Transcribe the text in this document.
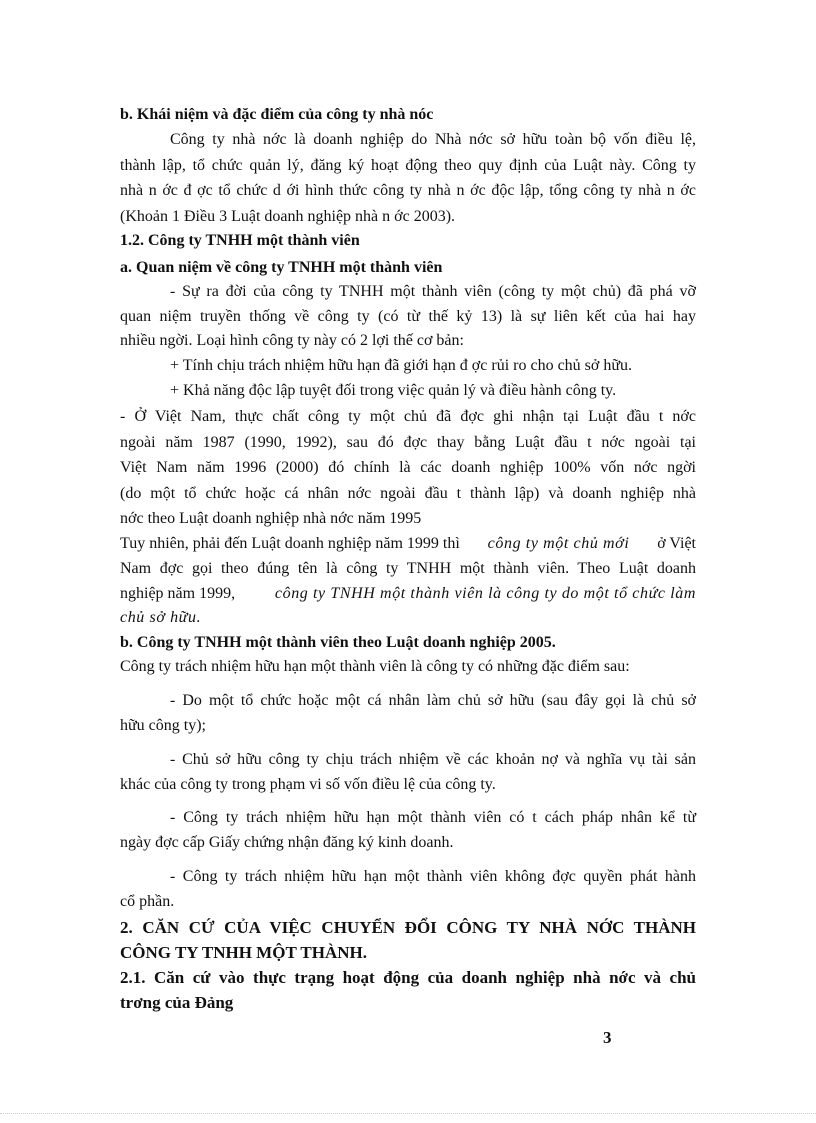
b. Khái niệm và đặc điểm của công ty nhà nóc
Công ty nhà nớc là doanh nghiệp do Nhà nớc sở hữu toàn bộ vốn điều lệ,
thành lập, tổ chức quản lý, đăng ký hoạt động theo quy định của Luật này. Công ty
nhà n ớc đ ợc tổ chức d ới hình thức công ty nhà n ớc độc lập, tổng công ty nhà n ớc
(Khoản 1 Điều 3 Luật doanh nghiệp nhà n ớc 2003).
1.2. Công ty TNHH một thành viên
a. Quan niệm về công ty TNHH một thành viên
- Sự ra đời của công ty TNHH một thành viên (công ty một chủ) đã phá vỡ
quan niệm truyền thống về công ty (có từ thế kỷ 13) là sự liên kết của hai hay
nhiều ngời. Loại hình công ty này có 2 lợi thế cơ bản:
+ Tính chịu trách nhiệm hữu hạn đã giới hạn đ ợc rủi ro cho chủ sở hữu.
+ Khả năng độc lập tuyệt đối trong việc quản lý và điều hành công ty.
- Ở Việt Nam, thực chất công ty một chủ đã đợc ghi nhận tại Luật đầu t nớc
ngoài năm 1987 (1990, 1992), sau đó đợc thay bằng Luật đầu t nớc ngoài tại
Việt Nam năm 1996 (2000) đó chính là các doanh nghiệp 100% vốn nớc ngời
(do một tổ chức hoặc cá nhân nớc ngoài đầu t thành lập) và doanh nghiệp nhà
nớc theo Luật doanh nghiệp nhà nớc năm 1995
Tuy nhiên, phải đến Luật doanh nghiệp năm 1999 thì công ty một chủ mới ở Việt
Nam đợc gọi theo đúng tên là công ty TNHH một thành viên. Theo Luật doanh
nghiệp năm 1999, công ty TNHH một thành viên là công ty do một tổ chức làm
chủ sở hữu.
b. Công ty TNHH một thành viên theo Luật doanh nghiệp 2005.
Công ty trách nhiệm hữu hạn một thành viên là công ty có những đặc điểm sau:
- Do một tổ chức hoặc một cá nhân làm chủ sở hữu (sau đây gọi là chủ sở
hữu công ty);
- Chủ sở hữu công ty chịu trách nhiệm về các khoản nợ và nghĩa vụ tài sản
khác của công ty trong phạm vi số vốn điều lệ của công ty.
- Công ty trách nhiệm hữu hạn một thành viên có t cách pháp nhân kể từ
ngày đợc cấp Giấy chứng nhận đăng ký kinh doanh.
- Công ty trách nhiệm hữu hạn một thành viên không đợc quyền phát hành
cổ phần.
2. CĂN CỨ CỦA VIỆC CHUYỂN ĐỔI CÔNG TY NHÀ NỚC THÀNH
CÔNG TY TNHH MỘT THÀNH.
2.1. Căn cứ vào thực trạng hoạt động của doanh nghiệp nhà nớc và chủ
trơng của Đảng
3
